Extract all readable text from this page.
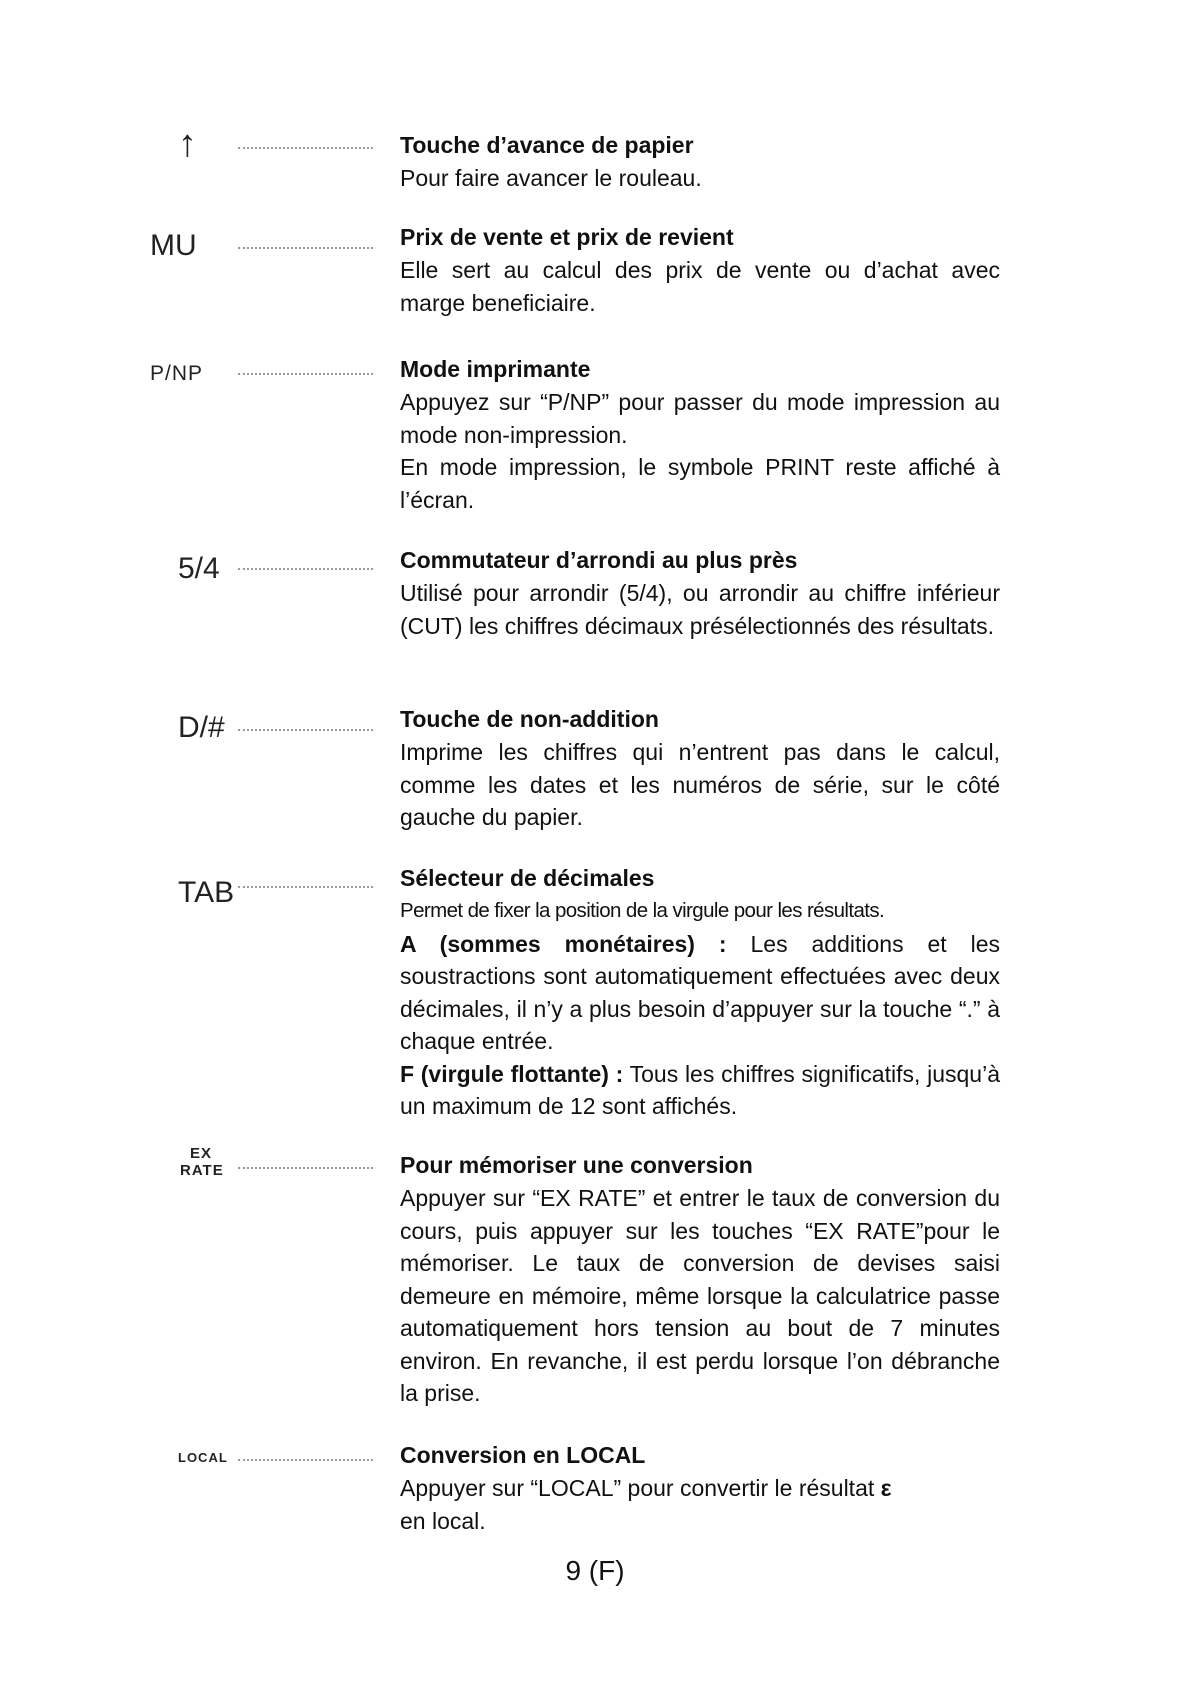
↑	Touche d’avance de papier
Pour faire avancer le rouleau.
MU	Prix de vente et prix de revient
Elle sert au calcul des prix de vente ou d’achat avec marge beneficiaire.
P/NP	Mode imprimante
Appuyez sur “P/NP” pour passer du mode impression au mode non-impression.
En mode impression, le symbole PRINT reste affiché à l’écran.
5/4	Commutateur d’arrondi au plus près
Utilisé pour arrondir (5/4), ou arrondir au chiffre inférieur (CUT) les chiffres décimaux présélectionnés des résultats.
D/#	Touche de non-addition
Imprime les chiffres qui n’entrent pas dans le calcul, comme les dates et les numéros de série, sur le côté gauche du papier.
TAB	Sélecteur de décimales
Permet de fixer la position de la virgule pour les résultats.
A (sommes monétaires) : Les additions et les soustractions sont automatiquement effectuées avec deux décimales, il n’y a plus besoin d’appuyer sur la touche “.” à chaque entrée.
F (virgule flottante) : Tous les chiffres significatifs, jusqu’à un maximum de 12 sont affichés.
EX
RATE	Pour mémoriser une conversion
Appuyer sur “EX RATE” et entrer le taux de conversion du cours, puis appuyer sur les touches “EX RATE”pour le mémoriser. Le taux de conversion de devises saisi demeure en mémoire, même lorsque la calculatrice passe automatiquement hors tension au bout de 7 minutes environ. En revanche, il est perdu lorsque l’on débranche la prise.
LOCAL	Conversion en LOCAL
Appuyer sur “LOCAL” pour convertir le résultat ε
en local.
9 (F)
